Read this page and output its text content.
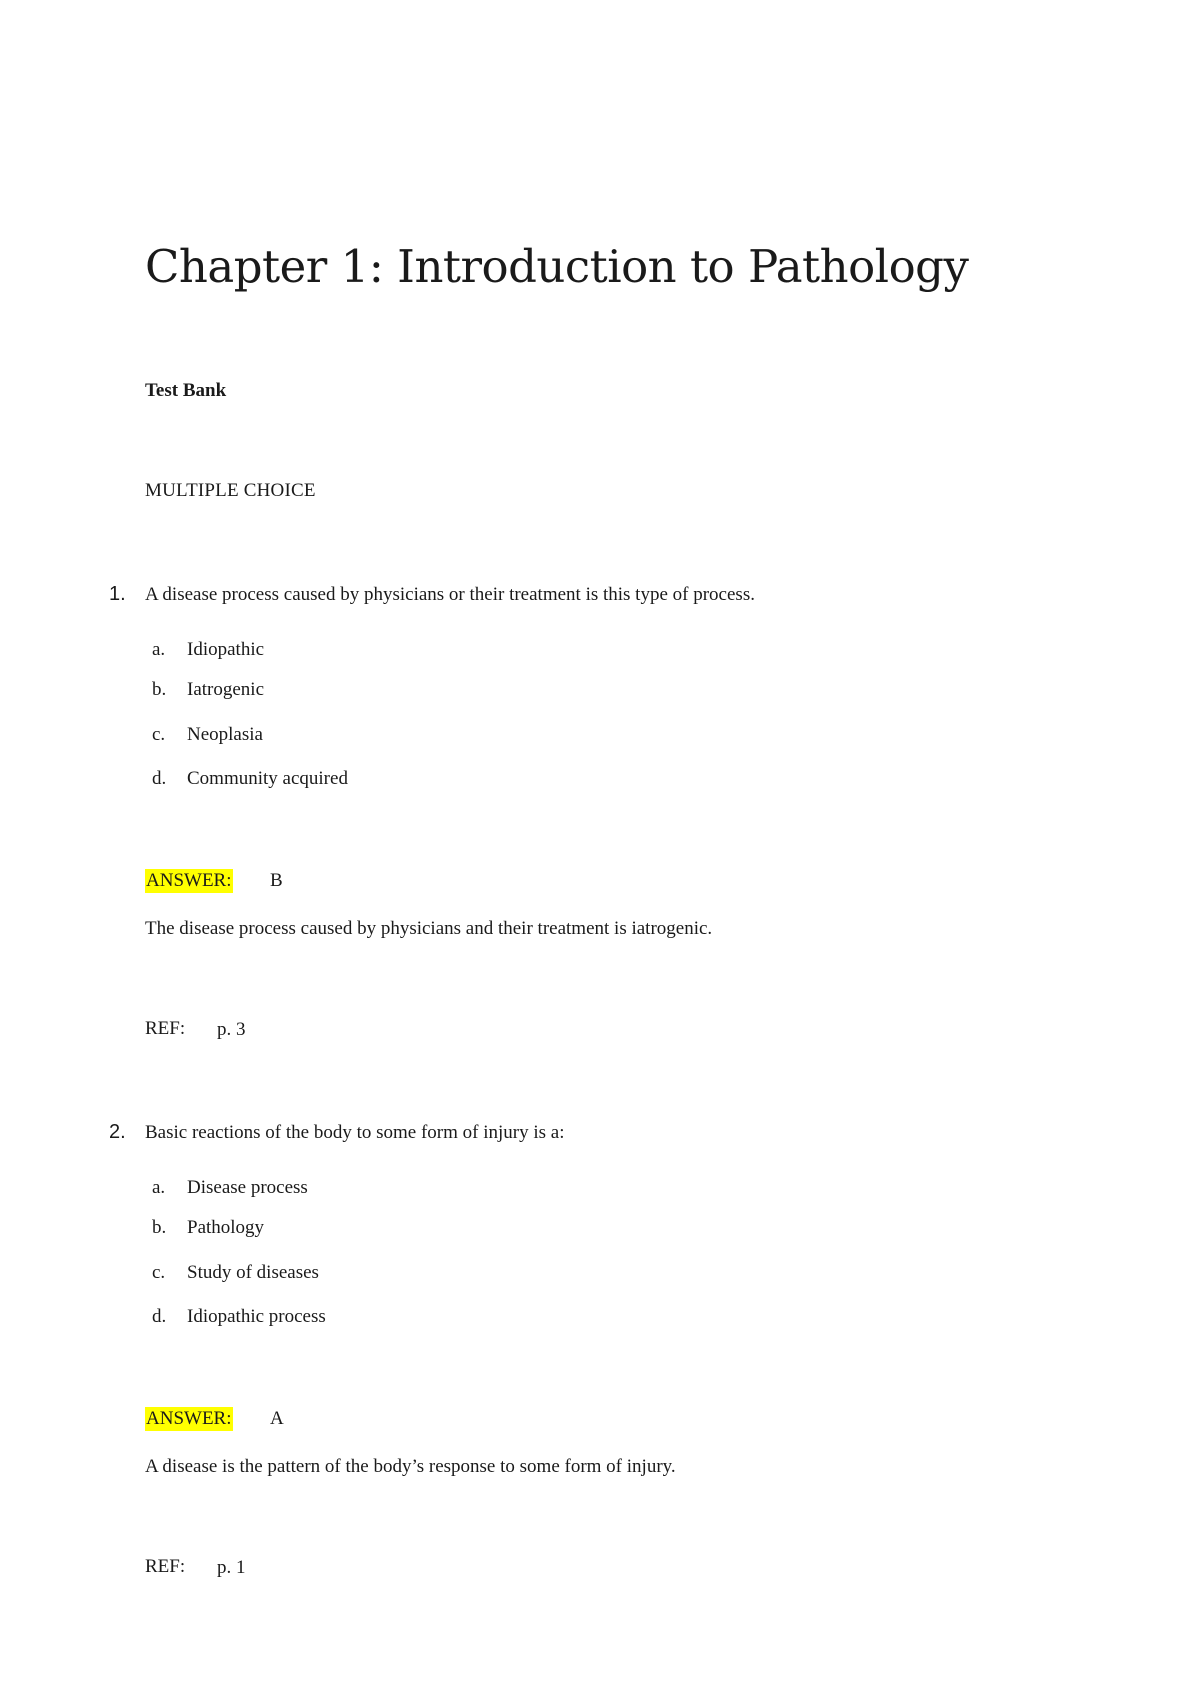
Chapter 1: Introduction to Pathology
Test Bank
MULTIPLE CHOICE
1. A disease process caused by physicians or their treatment is this type of process.
a. Idiopathic
b. Iatrogenic
c. Neoplasia
d. Community acquired
ANSWER: B
The disease process caused by physicians and their treatment is iatrogenic.
REF: p. 3
2. Basic reactions of the body to some form of injury is a:
a. Disease process
b. Pathology
c. Study of diseases
d. Idiopathic process
ANSWER: A
A disease is the pattern of the body’s response to some form of injury.
REF: p. 1
